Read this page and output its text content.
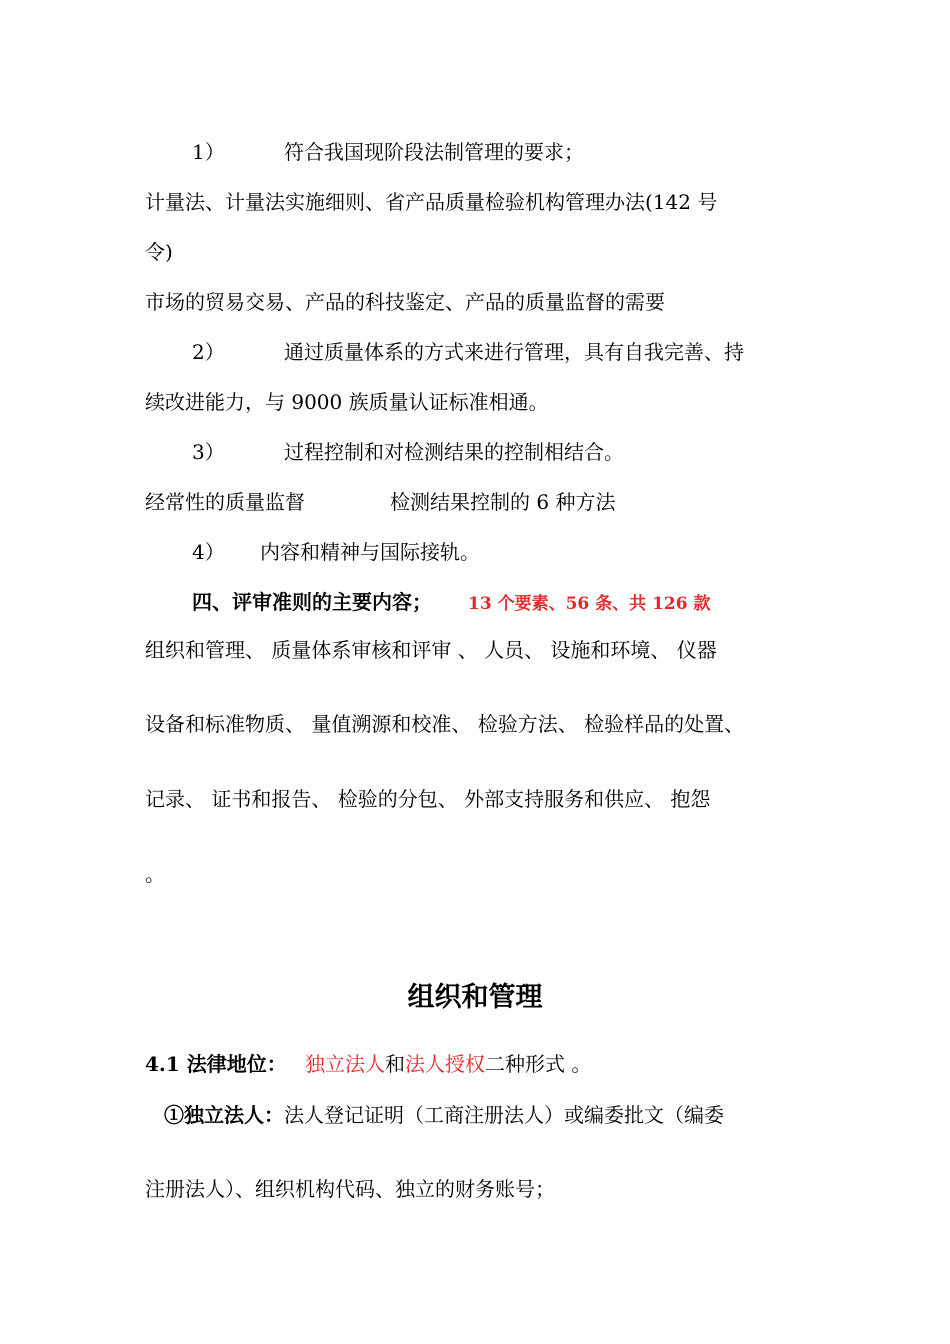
1）	符合我国现阶段法制管理的要求；
计量法、计量法实施细则、省产品质量检验机构管理办法(142 号
令)
市场的贸易交易、产品的科技鉴定、产品的质量监督的需要
2）	通过质量体系的方式来进行管理，具有自我完善、持
续改进能力，与 9000 族质量认证标准相通。
3）	过程控制和对检测结果的控制相结合。
经常性的质量监督	检测结果控制的 6 种方法
4） 内容和精神与国际接轨。
四、评审准则的主要内容； 13 个要素、56 条、共 126 款
组织和管理、 质量体系审核和评审 、 人员、 设施和环境、 仪器
设备和标准物质、 量值溯源和校准、 检验方法、 检验样品的处置、
记录、 证书和报告、 检验的分包、 外部支持服务和供应、 抱怨
。
组织和管理
4.1 法律地位： 独立法人和法人授权二种形式 。
①独立法人：法人登记证明（工商注册法人）或编委批文（编委
注册法人）、组织机构代码、独立的财务账号；
